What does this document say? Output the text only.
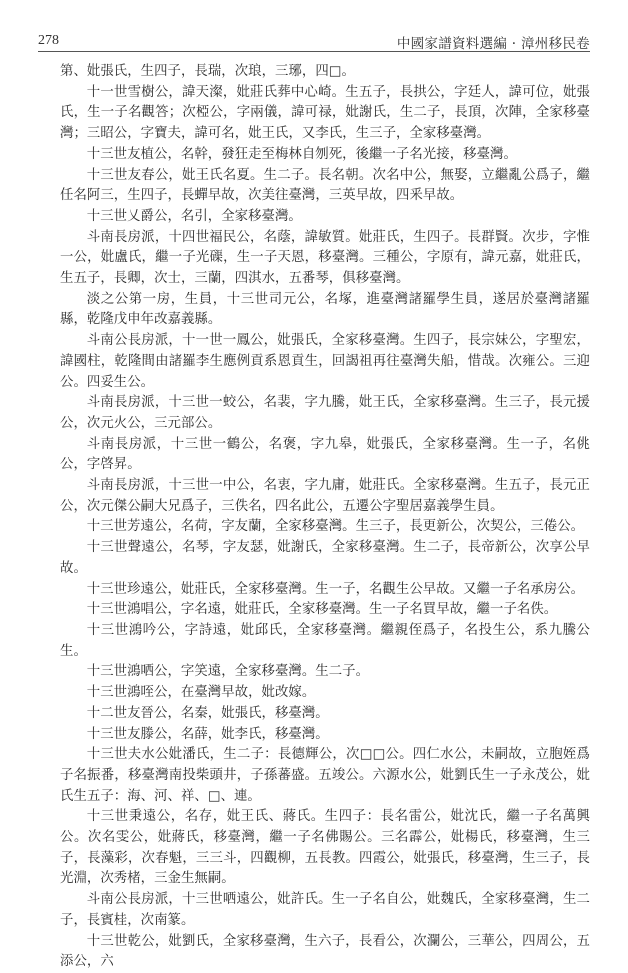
278	中國家譜資料選編 · 漳州移民卷

第、妣張氏，生四子，長瑞，次琅，三琊，四□。

十一世雪樹公，諱天澯，妣莊氏葬中心崎。生五子，長拱公，字廷人，諱可位，妣張氏，生一子名觀答；次椏公，字兩儀，諱可禄，妣謝氏，生二子，長頂，次陣，全家移臺灣；三昭公，字寶夫，諱可名，妣王氏，又李氏，生三子，全家移臺灣。

十三世友植公，名幹，發狂走至梅林自刎死，後繼一子名光接，移臺灣。

十三世友春公，妣王氏名夏。生二子。長名朝。次名中公，無娶，立繼亂公爲子，繼任名阿三，生四子，長蟬早故，次美往臺灣，三英早故，四釆早故。

十三世乂爵公，名引，全家移臺灣。

斗南長房派，十四世福民公，名蔭，諱敏質。妣莊氏，生四子。長群賢。次步，字惟一公，妣盧氏，繼一子光磲，生一子天恩，移臺灣。三種公，字原有，諱元嘉，妣莊氏，生五子，長卿，次士，三蘭，四淇水，五番琴，俱移臺灣。

淡之公第一房，生員，十三世司元公，名塚，進臺灣諸羅學生員，遂居於臺灣諸羅縣，乾隆戊申年改嘉義縣。

斗南公長房派，十一世一鳳公，妣張氏，全家移臺灣。生四子，長宗妹公，字聖宏，諱國柱，乾隆間由諸羅李生應例貢系恩貢生，回謁祖再往臺灣失船，惜哉。次雍公。三迎公。四妥生公。

斗南長房派，十三世一蛟公，名裴，字九騰，妣王氏，全家移臺灣。生三子，長元援公，次元火公，三元部公。

斗南長房派，十三世一鶴公，名褒，字九皋，妣張氏，全家移臺灣。生一子，名佻公，字啓昇。

斗南長房派，十三世一中公，名衷，字九庸，妣莊氏。全家移臺灣。生五子，長元正公，次元傑公嗣大兄爲子，三佚名，四名此公，五遷公字聖居嘉義學生員。

十三世芳遠公，名荷，字友蘭，全家移臺灣。生三子，長更新公，次契公，三倦公。

十三世聲遠公，名琴，字友瑟，妣謝氏，全家移臺灣。生二子，長帝新公，次享公早故。

十三世珍遠公，妣莊氏，全家移臺灣。生一子，名觀生公早故。又繼一子名承房公。

十三世鴻唱公，字名遠，妣莊氏，全家移臺灣。生一子名買早故，繼一子名佚。

十三世鴻吟公，字詩遠，妣邱氏，全家移臺灣。繼親侄爲子，名投生公，系九騰公生。

十三世鴻哂公，字笑遠，全家移臺灣。生二子。

十三世鴻咥公，在臺灣早故，妣改嫁。

十二世友晉公，名秦，妣張氏，移臺灣。

十三世友滕公，名薛，妣李氏，移臺灣。

十三世夫水公妣潘氏，生二子：長德輝公，次□□公。四仁水公，未嗣故，立胞姪爲子名振番，移臺灣南投柴頭井，子孫蕃盛。五竣公。六源水公，妣劉氏生一子永茂公，妣氏生五子：海、河、祥、□、連。

十三世秉遠公，名存，妣王氏、蔣氏。生四子：長名雷公，妣沈氏，繼一子名萬興公。次名雯公，妣蔣氏，移臺灣，繼一子名佛賜公。三名霹公，妣楊氏，移臺灣，生三子，長藻彩，次春魁，三三斗，四觀柳，五長教。四霞公，妣張氏，移臺灣，生三子，長光淵，次秀楮，三金生無嗣。

斗南公長房派，十三世哂遠公，妣許氏。生一子名自公，妣魏氏，全家移臺灣，生二子，長賓桂，次南篆。

十三世乾公，妣劉氏，全家移臺灣，生六子，長看公，次瀾公，三華公，四周公，五添公，六
